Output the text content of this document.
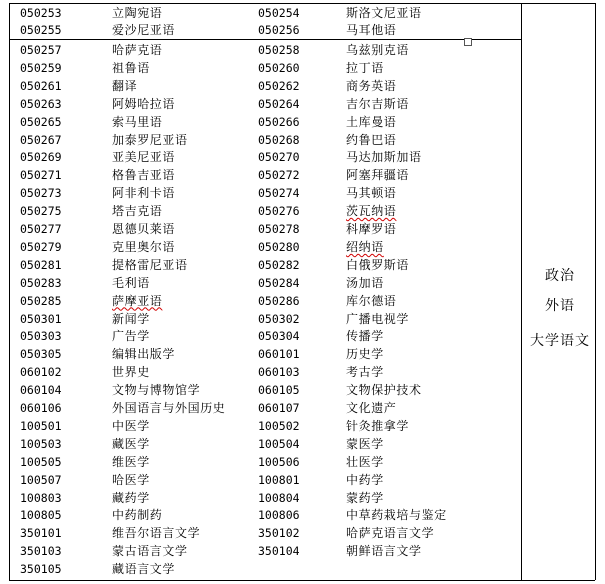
050253	立陶宛语	050254	斯洛文尼亚语
050255	爱沙尼亚语	050256	马耳他语
050257	哈萨克语	050258	乌兹别克语
050259	祖鲁语	050260	拉丁语
050261	翻译	050262	商务英语
050263	阿姆哈拉语	050264	吉尔吉斯语
050265	索马里语	050266	土库曼语
050267	加泰罗尼亚语	050268	约鲁巴语
050269	亚美尼亚语	050270	马达加斯加语
050271	格鲁吉亚语	050272	阿塞拜疆语
050273	阿非利卡语	050274	马其顿语
050275	塔吉克语	050276	茨瓦纳语
050277	恩德贝莱语	050278	科摩罗语
050279	克里奥尔语	050280	绍纳语
050281	提格雷尼亚语	050282	白俄罗斯语
050283	毛利语	050284	汤加语
050285	萨摩亚语	050286	库尔德语
050301	新闻学	050302	广播电视学
050303	广告学	050304	传播学
050305	编辑出版学	060101	历史学
060102	世界史	060103	考古学
060104	文物与博物馆学	060105	文物保护技术
060106	外国语言与外国历史	060107	文化遗产
100501	中医学	100502	针灸推拿学
100503	藏医学	100504	蒙医学
100505	维医学	100506	壮医学
100507	哈医学	100801	中药学
100803	藏药学	100804	蒙药学
100805	中药制药	100806	中草药栽培与鉴定
350101	维吾尔语言文学	350102	哈萨克语言文学
350103	蒙古语言文学	350104	朝鲜语言文学
350105	藏语言文学
政治
外语
大学语文
